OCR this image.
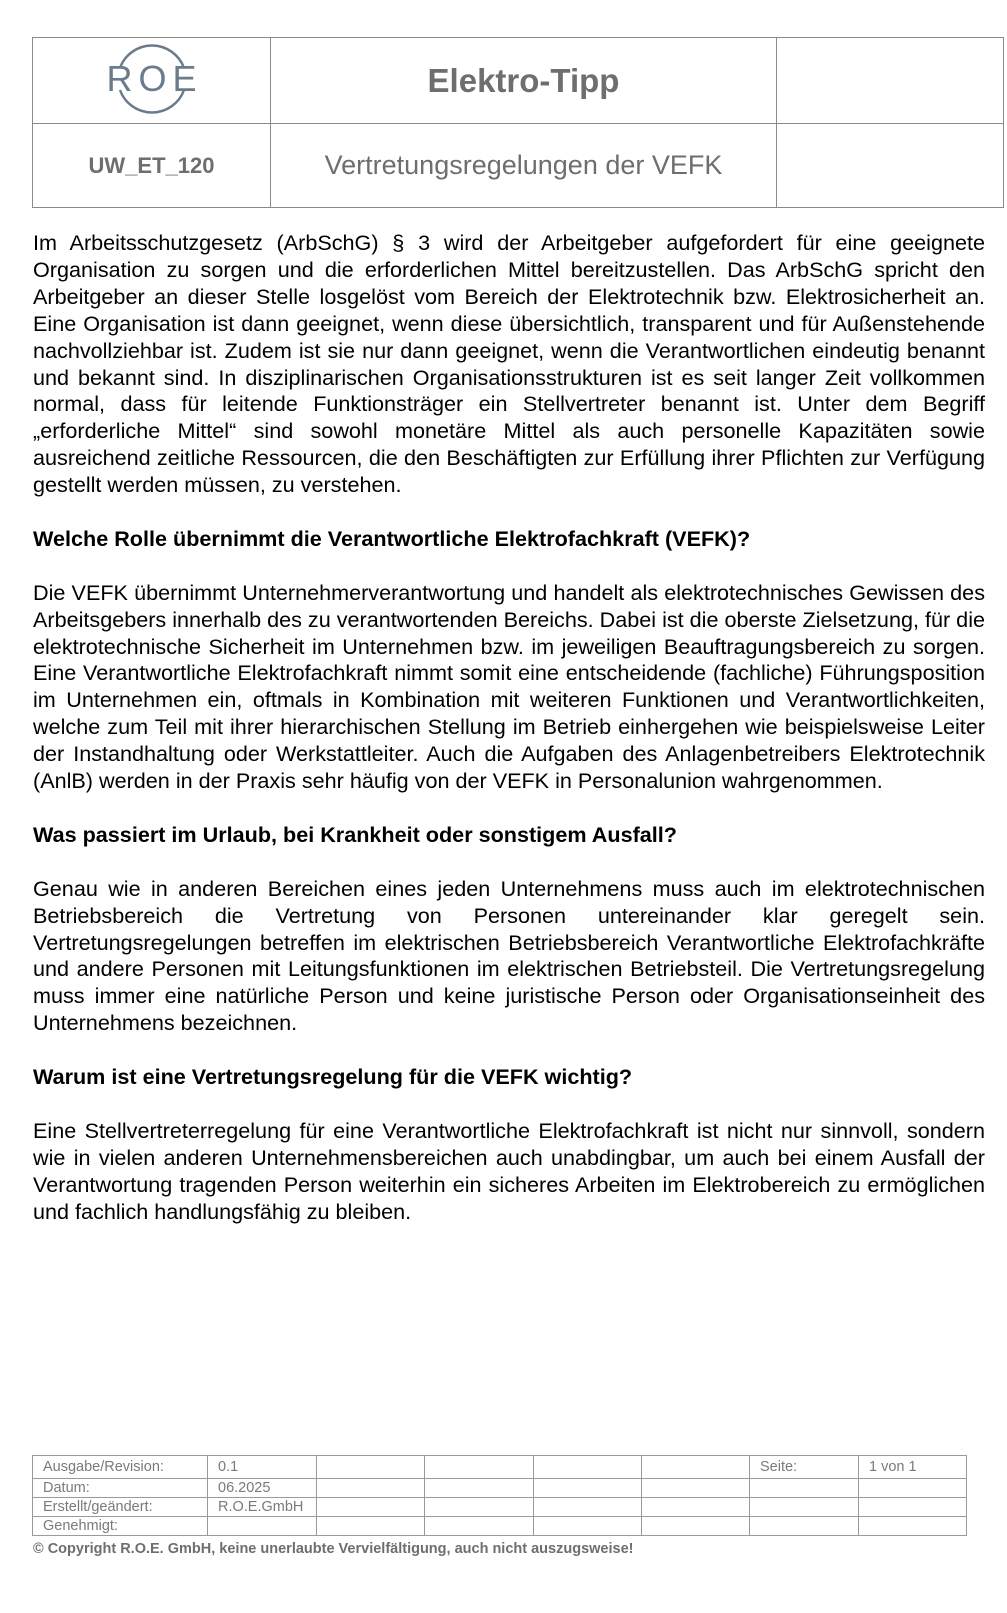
ROE	Elektro-Tipp	
UW_ET_120	Vertretungsregelungen der VEFK	

Im Arbeitsschutzgesetz (ArbSchG) § 3 wird der Arbeitgeber aufgefordert für eine geeignete Organisation zu sorgen und die erforderlichen Mittel bereitzustellen. Das ArbSchG spricht den Arbeitgeber an dieser Stelle losgelöst vom Bereich der Elektrotechnik bzw. Elektrosicherheit an. Eine Organisation ist dann geeignet, wenn diese übersichtlich, transparent und für Außenstehende nachvollziehbar ist. Zudem ist sie nur dann geeignet, wenn die Verantwortlichen eindeutig benannt und bekannt sind. In disziplinarischen Organisationsstrukturen ist es seit langer Zeit vollkommen normal, dass für leitende Funktionsträger ein Stellvertreter benannt ist. Unter dem Begriff „erforderliche Mittel“ sind sowohl monetäre Mittel als auch personelle Kapazitäten sowie ausreichend zeitliche Ressourcen, die den Beschäftigten zur Erfüllung ihrer Pflichten zur Verfügung gestellt werden müssen, zu verstehen.

Welche Rolle übernimmt die Verantwortliche Elektrofachkraft (VEFK)?

Die VEFK übernimmt Unternehmerverantwortung und handelt als elektrotechnisches Gewissen des Arbeitsgebers innerhalb des zu verantwortenden Bereichs. Dabei ist die oberste Zielsetzung, für die elektrotechnische Sicherheit im Unternehmen bzw. im jeweiligen Beauftragungsbereich zu sorgen. Eine Verantwortliche Elektrofachkraft nimmt somit eine entscheidende (fachliche) Führungsposition im Unternehmen ein, oftmals in Kombination mit weiteren Funktionen und Verantwortlichkeiten, welche zum Teil mit ihrer hierarchischen Stellung im Betrieb einhergehen wie beispielsweise Leiter der Instandhaltung oder Werkstattleiter. Auch die Aufgaben des Anlagenbetreibers Elektrotechnik (AnlB) werden in der Praxis sehr häufig von der VEFK in Personalunion wahrgenommen.

Was passiert im Urlaub, bei Krankheit oder sonstigem Ausfall?

Genau wie in anderen Bereichen eines jeden Unternehmens muss auch im elektrotechnischen Betriebsbereich die Vertretung von Personen untereinander klar geregelt sein. Vertretungsregelungen betreffen im elektrischen Betriebsbereich Verantwortliche Elektrofachkräfte und andere Personen mit Leitungsfunktionen im elektrischen Betriebsteil. Die Vertretungsregelung muss immer eine natürliche Person und keine juristische Person oder Organisationseinheit des Unternehmens bezeichnen.

Warum ist eine Vertretungsregelung für die VEFK wichtig?

Eine Stellvertreterregelung für eine Verantwortliche Elektrofachkraft ist nicht nur sinnvoll, sondern wie in vielen anderen Unternehmensbereichen auch unabdingbar, um auch bei einem Ausfall der Verantwortung tragenden Person weiterhin ein sicheres Arbeiten im Elektrobereich zu ermöglichen und fachlich handlungsfähig zu bleiben.

Ausgabe/Revision:	0.1					Seite:	1 von 1
Datum:	06.2025						
Erstellt/geändert:	R.O.E.GmbH						
Genehmigt:							
© Copyright R.O.E. GmbH, keine unerlaubte Vervielfältigung, auch nicht auszugsweise!
